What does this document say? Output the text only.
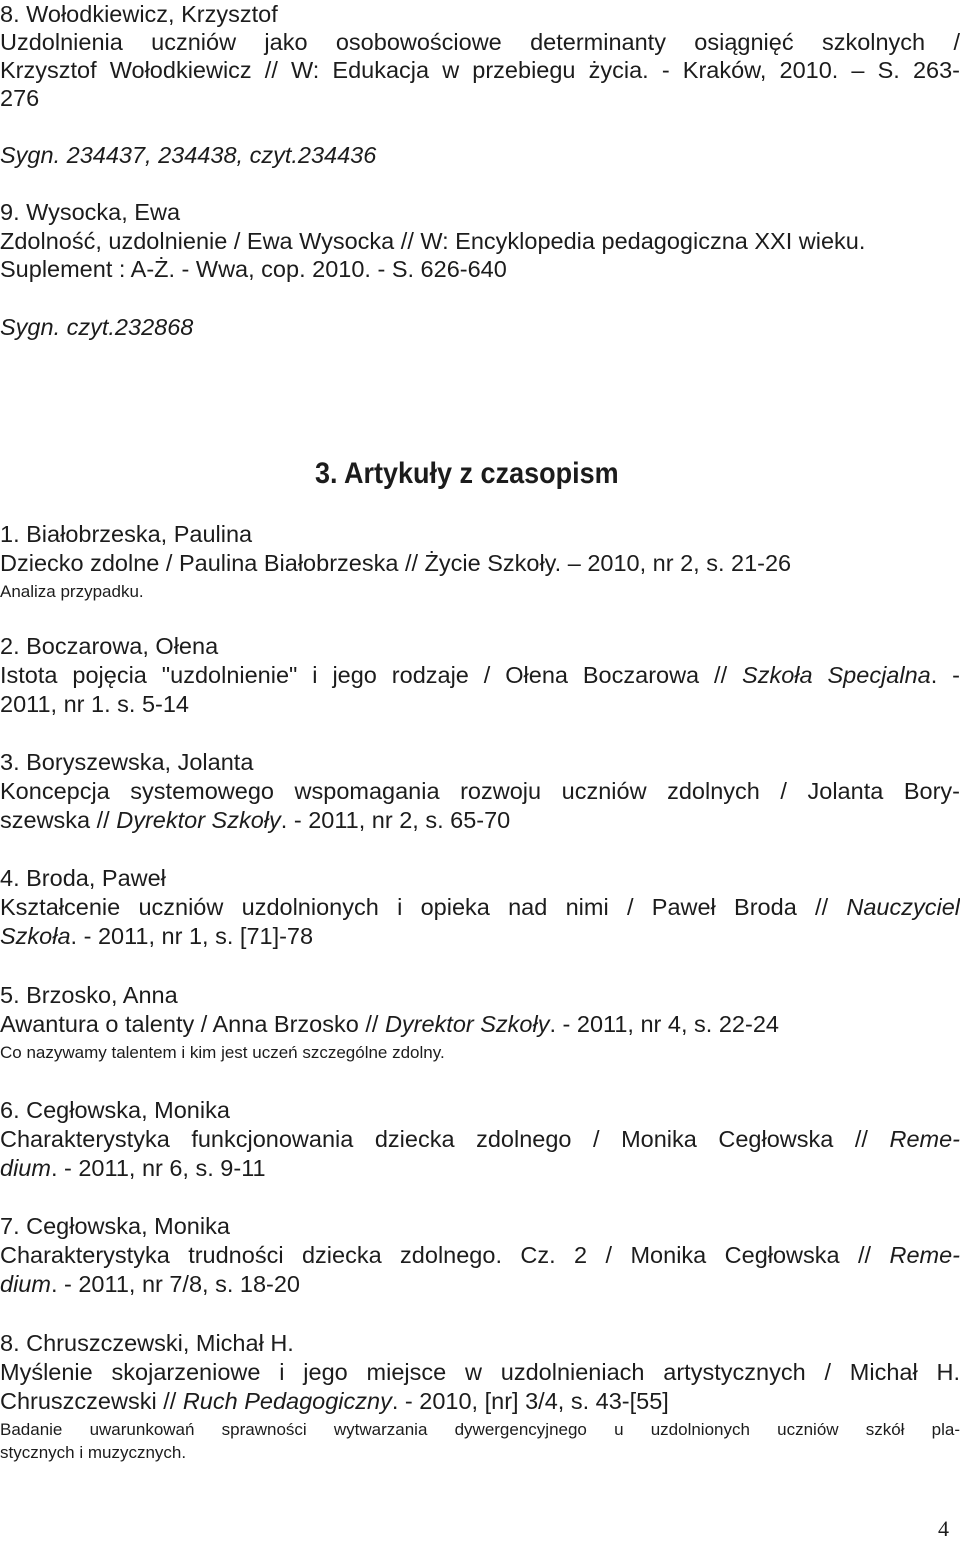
8. Wołodkiewicz, Krzysztof
Uzdolnienia uczniów jako osobowościowe determinanty osiągnięć szkolnych /
Krzysztof Wołodkiewicz // W: Edukacja w przebiegu życia. - Kraków, 2010. – S. 263-
276
Sygn. 234437, 234438, czyt.234436
9. Wysocka, Ewa
Zdolność, uzdolnienie / Ewa Wysocka // W: Encyklopedia pedagogiczna XXI wieku.
Suplement : A-Ż. - Wwa, cop. 2010. - S. 626-640
Sygn. czyt.232868
3. Artykuły z czasopism
1. Białobrzeska, Paulina
Dziecko zdolne / Paulina Białobrzeska // Życie Szkoły. – 2010, nr 2, s. 21-26
Analiza przypadku.
2. Boczarowa, Ołena
Istota pojęcia "uzdolnienie" i jego rodzaje / Ołena Boczarowa // Szkoła Specjalna. -
2011, nr 1. s. 5-14
3. Boryszewska, Jolanta
Koncepcja systemowego wspomagania rozwoju uczniów zdolnych / Jolanta Bory-
szewska // Dyrektor Szkoły. - 2011, nr 2, s. 65-70
4. Broda, Paweł
Kształcenie uczniów uzdolnionych i opieka nad nimi / Paweł Broda // Nauczyciel
Szkoła. - 2011, nr 1, s. [71]-78
5. Brzosko, Anna
Awantura o talenty / Anna Brzosko // Dyrektor Szkoły. - 2011, nr 4, s. 22-24
Co nazywamy talentem i kim jest uczeń szczególne zdolny.
6. Cegłowska, Monika
Charakterystyka funkcjonowania dziecka zdolnego / Monika Cegłowska // Reme-
dium. - 2011, nr 6, s. 9-11
7. Cegłowska, Monika
Charakterystyka trudności dziecka zdolnego. Cz. 2 / Monika Cegłowska // Reme-
dium. - 2011, nr 7/8, s. 18-20
8. Chruszczewski, Michał H.
Myślenie skojarzeniowe i jego miejsce w uzdolnieniach artystycznych / Michał H.
Chruszczewski // Ruch Pedagogiczny. - 2010, [nr] 3/4, s. 43-[55]
Badanie uwarunkowań sprawności wytwarzania dywergencyjnego u uzdolnionych uczniów szkół pla-
stycznych i muzycznych.
4
